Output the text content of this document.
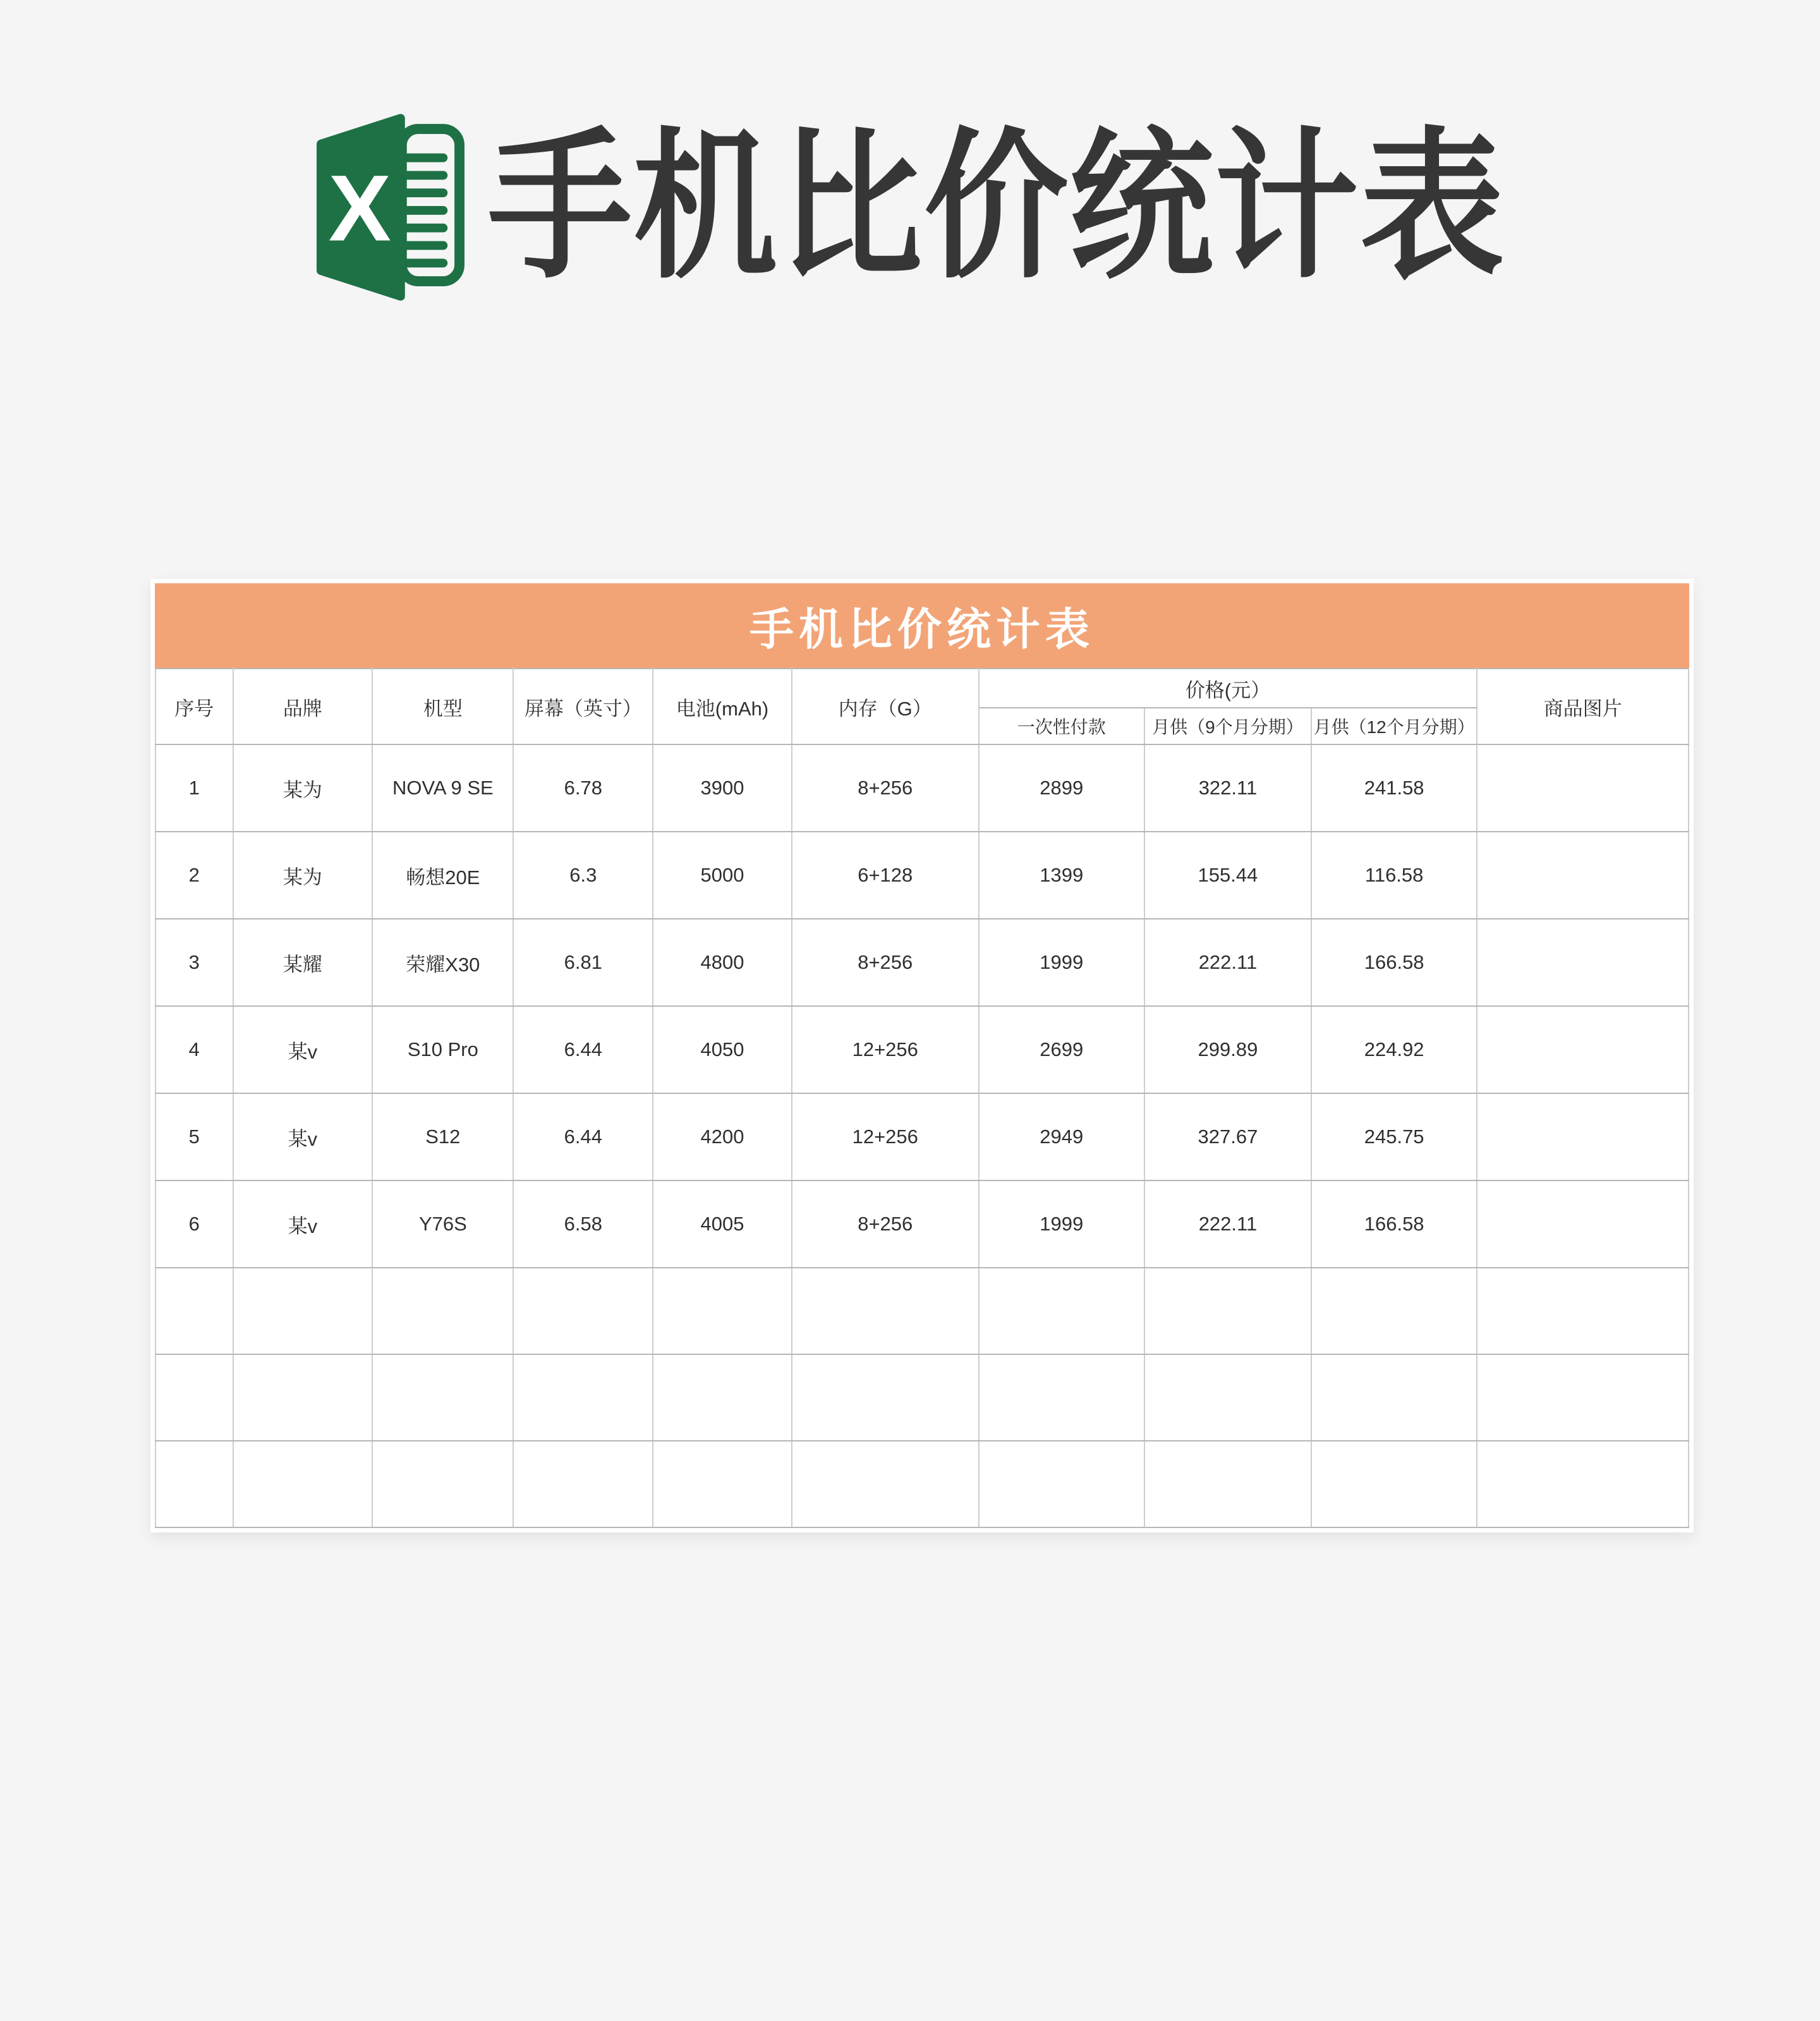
X 手机比价统计表
手机比价统计表
序号	品牌	机型	屏幕（英寸）	电池(mAh)	内存（G）	价格(元）			商品图片
						一次性付款	月供（9个月分期）	月供（12个月分期）	
1	某为	NOVA 9 SE	6.78	3900	8+256	2899	322.11	241.58	
2	某为	畅想20E	6.3	5000	6+128	1399	155.44	116.58	
3	某耀	荣耀X30	6.81	4800	8+256	1999	222.11	166.58	
4	某v	S10 Pro	6.44	4050	12+256	2699	299.89	224.92	
5	某v	S12	6.44	4200	12+256	2949	327.67	245.75	
6	某v	Y76S	6.58	4005	8+256	1999	222.11	166.58	
